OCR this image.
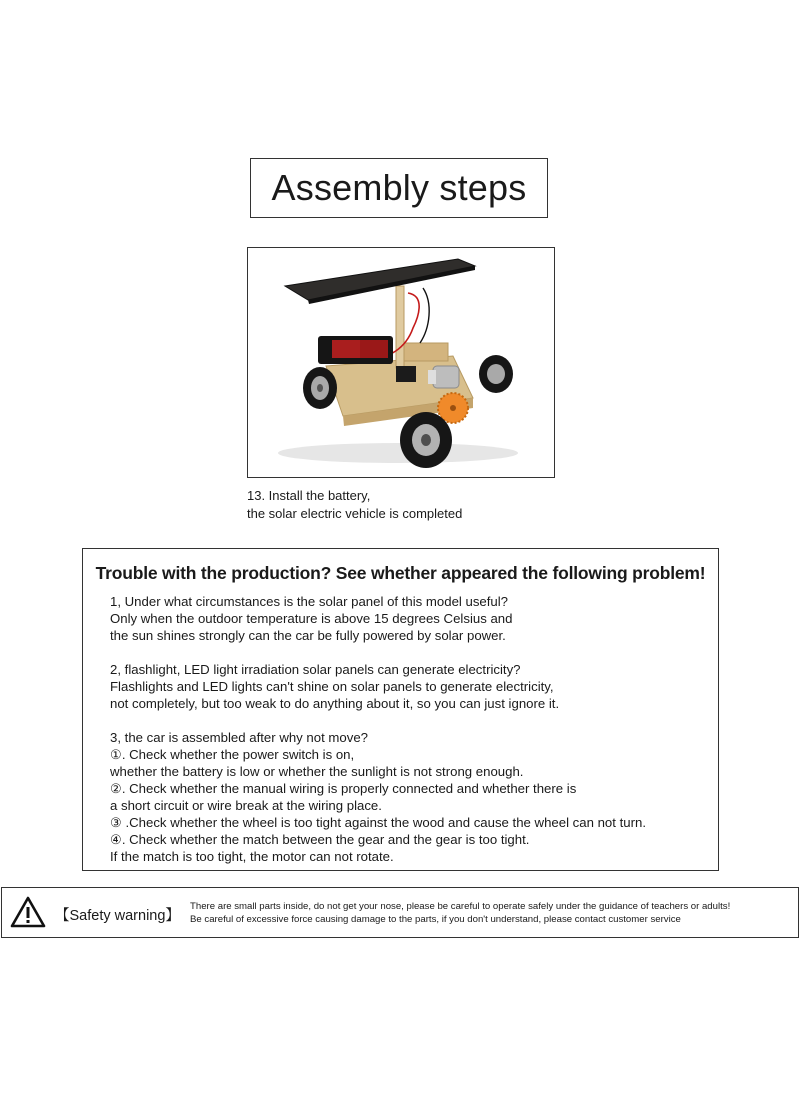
Assembly steps
13. Install the battery,
the solar electric vehicle is completed
Trouble with the production? See whether appeared the following problem!
1, Under what circumstances is the solar panel of this model useful?
Only when the outdoor temperature is above 15 degrees Celsius and
the sun shines strongly can the car be fully powered by solar power.
2, flashlight, LED light irradiation solar panels can generate electricity?
Flashlights and LED lights can't shine on solar panels to generate electricity,
not completely, but too weak to do anything about it, so you can just ignore it.
3, the car is assembled after why not move?
①. Check whether the power switch is on,
whether the battery is low or whether the sunlight is not strong enough.
②. Check whether the manual wiring is properly connected and whether there is
a short circuit or wire break at the wiring place.
③ .Check whether the wheel is too tight against the wood and cause the wheel can not turn.
④. Check whether the match between the gear and the gear is too tight.
If the match is too tight, the motor can not rotate.
【Safety warning】
There are small parts inside, do not get your nose, please be careful to operate safely under the guidance of teachers or adults!
Be careful of excessive force causing damage to the parts, if you don't understand, please contact customer service
